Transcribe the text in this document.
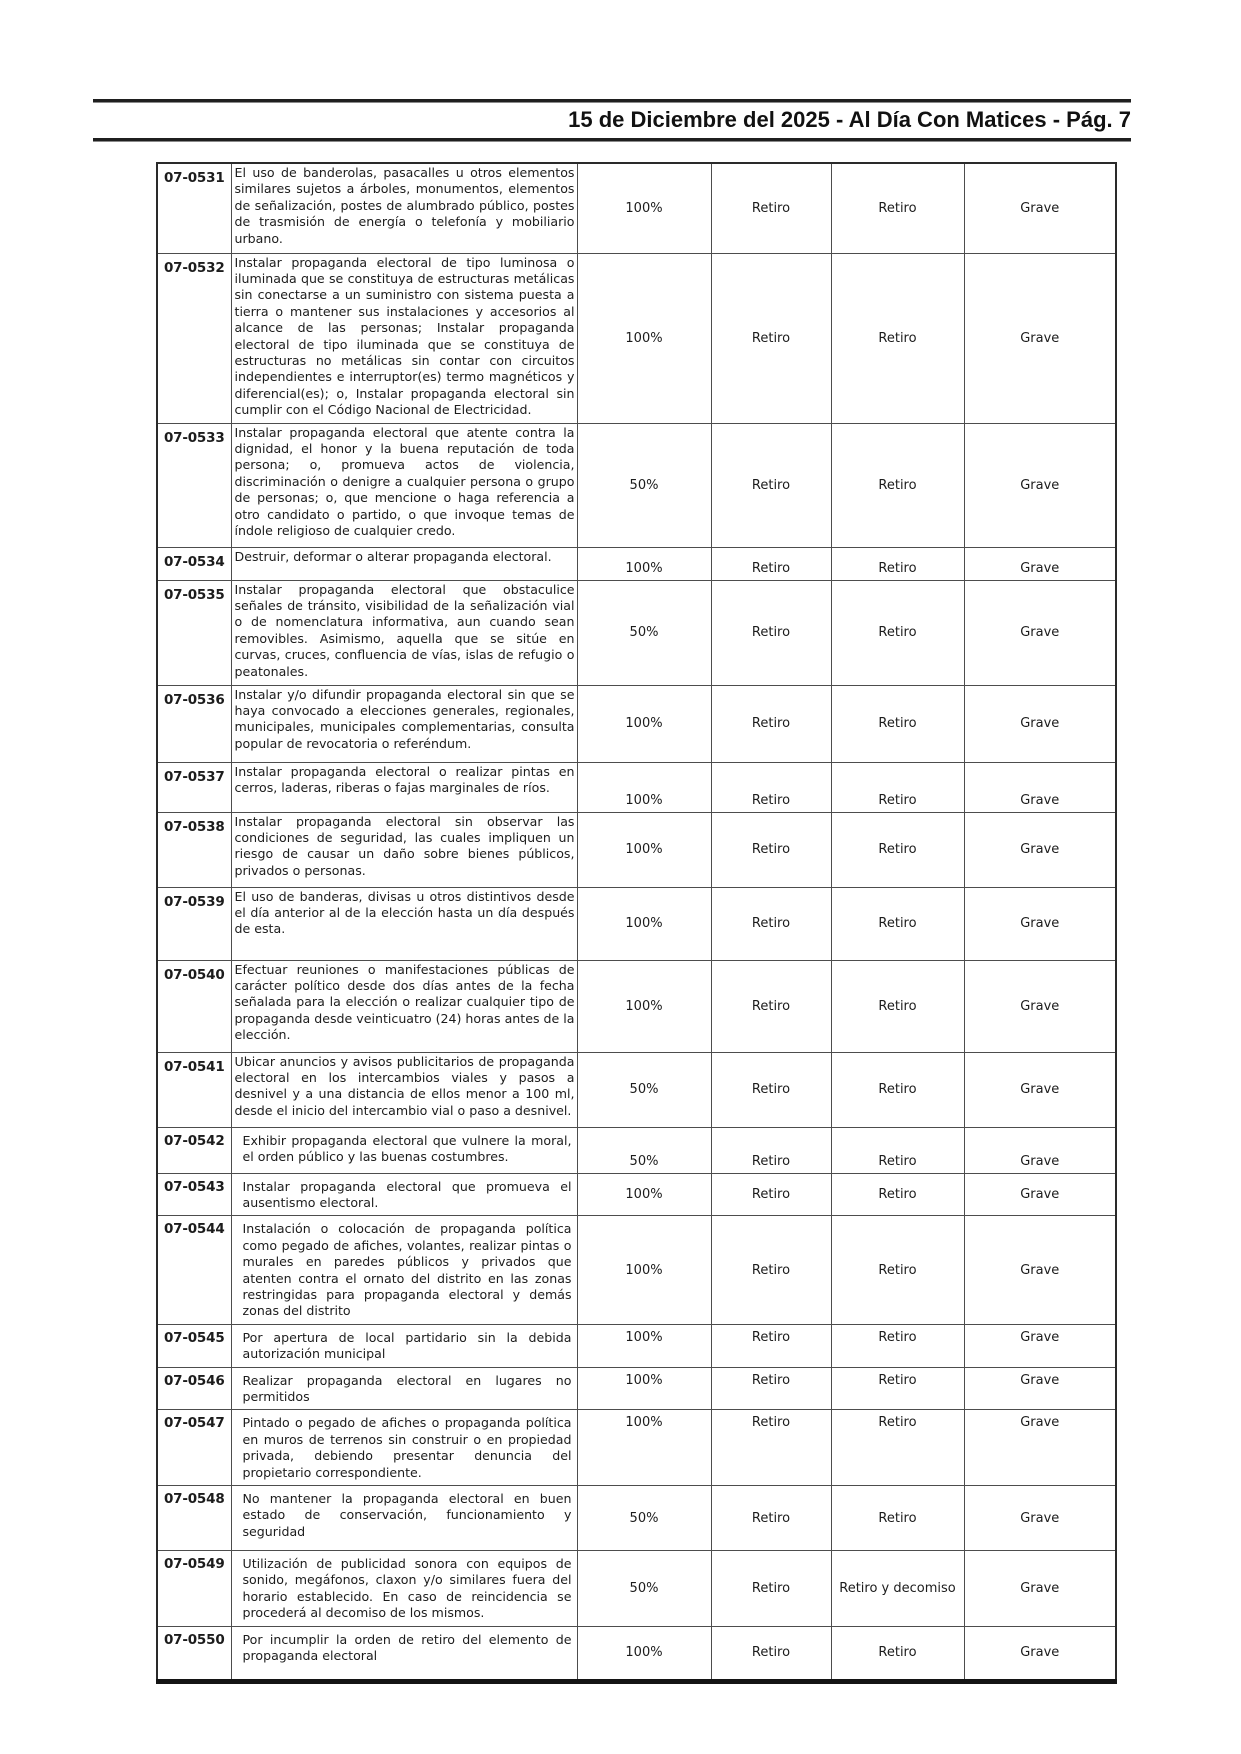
15 de Diciembre del 2025 - Al Día Con Matices - Pág. 7
07-0531	El uso de banderolas, pasacalles u otros elementos similares sujetos a árboles, monumentos, elementos de señalización, postes de alumbrado público, postes de trasmisión de energía o telefonía y mobiliario urbano.	100%	Retiro	Retiro	Grave
07-0532	Instalar propaganda electoral de tipo luminosa o iluminada que se constituya de estructuras metálicas sin conectarse a un suministro con sistema puesta a tierra o mantener sus instalaciones y accesorios al alcance de las personas; Instalar propaganda electoral de tipo iluminada que se constituya de estructuras no metálicas sin contar con circuitos independientes e interruptor(es) termo magnéticos y diferencial(es); o, Instalar propaganda electoral sin cumplir con el Código Nacional de Electricidad.	100%	Retiro	Retiro	Grave
07-0533	Instalar propaganda electoral que atente contra la dignidad, el honor y la buena reputación de toda persona; o, promueva actos de violencia, discriminación o denigre a cualquier persona o grupo de personas; o, que mencione o haga referencia a otro candidato o partido, o que invoque temas de índole religioso de cualquier credo.	50%	Retiro	Retiro	Grave
07-0534	Destruir, deformar o alterar propaganda electoral.	100%	Retiro	Retiro	Grave
07-0535	Instalar propaganda electoral que obstaculice señales de tránsito, visibilidad de la señalización vial o de nomenclatura informativa, aun cuando sean removibles. Asimismo, aquella que se sitúe en curvas, cruces, confluencia de vías, islas de refugio o peatonales.	50%	Retiro	Retiro	Grave
07-0536	Instalar y/o difundir propaganda electoral sin que se haya convocado a elecciones generales, regionales, municipales, municipales complementarias, consulta popular de revocatoria o referéndum.	100%	Retiro	Retiro	Grave
07-0537	Instalar propaganda electoral o realizar pintas en cerros, laderas, riberas o fajas marginales de ríos.	100%	Retiro	Retiro	Grave
07-0538	Instalar propaganda electoral sin observar las condiciones de seguridad, las cuales impliquen un riesgo de causar un daño sobre bienes públicos, privados o personas.	100%	Retiro	Retiro	Grave
07-0539	El uso de banderas, divisas u otros distintivos desde el día anterior al de la elección hasta un día después de esta.	100%	Retiro	Retiro	Grave
07-0540	Efectuar reuniones o manifestaciones públicas de carácter político desde dos días antes de la fecha señalada para la elección o realizar cualquier tipo de propaganda desde veinticuatro (24) horas antes de la elección.	100%	Retiro	Retiro	Grave
07-0541	Ubicar anuncios y avisos publicitarios de propaganda electoral en los intercambios viales y pasos a desnivel y a una distancia de ellos menor a 100 ml, desde el inicio del intercambio vial o paso a desnivel.	50%	Retiro	Retiro	Grave
07-0542	Exhibir propaganda electoral que vulnere la moral, el orden público y las buenas costumbres.	50%	Retiro	Retiro	Grave
07-0543	Instalar propaganda electoral que promueva el ausentismo electoral.	100%	Retiro	Retiro	Grave
07-0544	Instalación o colocación de propaganda política como pegado de afiches, volantes, realizar pintas o murales en paredes públicos y privados que atenten contra el ornato del distrito en las zonas restringidas para propaganda electoral y demás zonas del distrito	100%	Retiro	Retiro	Grave
07-0545	Por apertura de local partidario sin la debida autorización municipal	100%	Retiro	Retiro	Grave
07-0546	Realizar propaganda electoral en lugares no permitidos	100%	Retiro	Retiro	Grave
07-0547	Pintado o pegado de afiches o propaganda política en muros de terrenos sin construir o en propiedad privada, debiendo presentar denuncia del propietario correspondiente.	100%	Retiro	Retiro	Grave
07-0548	No mantener la propaganda electoral en buen estado de conservación, funcionamiento y seguridad	50%	Retiro	Retiro	Grave
07-0549	Utilización de publicidad sonora con equipos de sonido, megáfonos, claxon y/o similares fuera del horario establecido. En caso de reincidencia se procederá al decomiso de los mismos.	50%	Retiro	Retiro y decomiso	Grave
07-0550	Por incumplir la orden de retiro del elemento de propaganda electoral	100%	Retiro	Retiro	Grave
